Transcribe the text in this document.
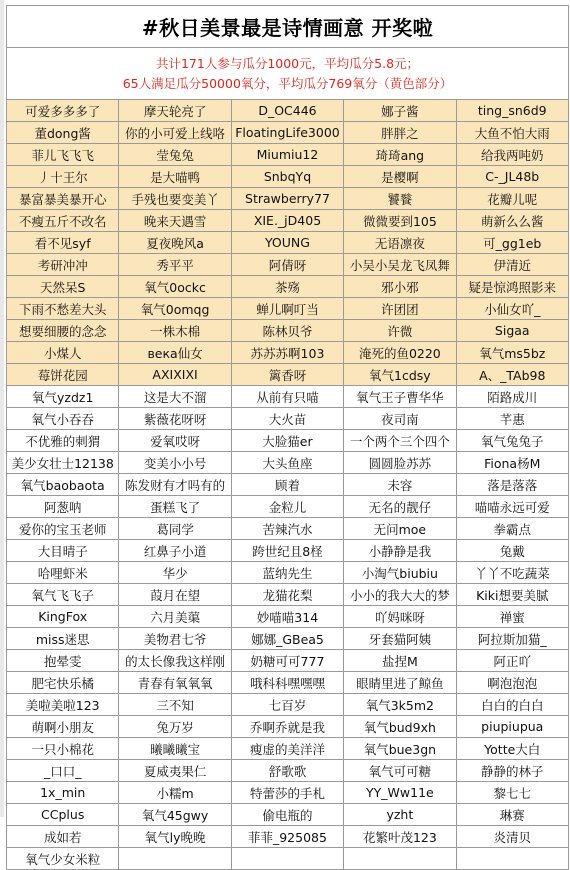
#秋日美景最是诗情画意 开奖啦
共计171人参与瓜分1000元，平均瓜分5.8元；
65人满足瓜分50000氧分，平均瓜分769氧分（黄色部分）
可爱多多多了	摩天轮亮了	D_OC446	娜子酱	ting_sn6d9
董dong酱	你的小可爱上线咯	FloatingLife3000	胖胖之	大鱼不怕大雨
菲儿飞飞飞	莹兔兔	Miumiu12	琦琦ang	给我两吨奶
丿十王尔	是大喵鸭	SnbqYq	是樱啊	C-_JL48b
暴富暴美暴开心	手残也要变美丫	Strawberry77	饕餮	花瓣儿呢
不瘦五斤不改名	晚来天遇雪	XIE._jD405	微微要到105	萌新么么酱
看不见syf	夏夜晚风a	YOUNG	无语凛夜	可_gg1eb
考研冲冲	秀平平	阿倩呀	小吴小吴龙飞凤舞	伊清近
天然呆S	氧气0ockc	茶殇	邪小邪	疑是惊鸿照影来
下雨不愁差大头	氧气0omqg	蝉儿啊叮当	许团团	小仙女吖_
想要细腰的念念	一株木棉	陈林贝爷	许微	Sigaa
小煤人	века仙女	苏苏苏啊103	淹死的鱼0220	氧气ms5bz
莓饼花园	AXIXIXI	篱香呀	氧气1cdsy	A、_TAb98
氧气yzdz1	这是大不溜	从前有只喵	氧气王子曹华华	陌路成川
氧气小吞吞	紫薇花呀呀	大火苗	夜司南	芊惠
不优雅的刺猬	爱氧哎呀	大脸猫er	一个两个三个四个	氧气兔兔子
美少女壮士12138	变美小小号	大头鱼座	圆圆脸苏苏	Fiona杨M
氧气baobaota	陈发财有才吗有的	顾着	未容	落是落落
阿葱呐	蛋糕飞了	金粒儿	无名的靓仔	喵喵永远可爱
爱你的宝玉老师	葛同学	苦辣汽水	无问moe	拳霸点
大目晴子	红鼻子小道	跨世纪且8柽	小静静是我	兔戴
哈哩虾米	华少	蓝纳先生	小淘气biubiu	丫丫不吃蔬菜
氧气飞飞子	葭月在望	龙猫花梨	小小的我大大的梦	Kiki想要美腻
KingFox	六月美蕖	妙喵喵314	吖妈咪呀	禅蜜
miss迷思	美物君七爷	娜娜_GBea5	牙套猫阿姨	阿拉斯加猫_
抱晕雯	的太长像我这样刚	奶糖可可777	盐捏M	阿正吖
肥宅快乐橘	青春有氧氧氧	哦科科嘿嘿嘿	眼睛里进了鲸鱼	啊泡泡泡
美啦美啦123	三不知	七百岁	氧气3k5m2	白白的白白
萌啊小朋友	兔万岁	乔啊乔就是我	氧气bud9xh	piupiupua
一只小棉花	曦曦曦宝	瘦虚的美洋洋	氧气bue3gn	Yotte大白
_口口_	夏威夷果仁	舒歌歌	氧气可可糖	静静的林子
1x_min	小糯m	特蕾莎的手札	YY_Ww11e	黎七七
CCplus	氧气45gwy	偷电瓶的	yzht	琳赛
成如若	氧气ly晚晚	菲菲_925085	花繁叶茂123	炎清贝
氧气少女米粒				
